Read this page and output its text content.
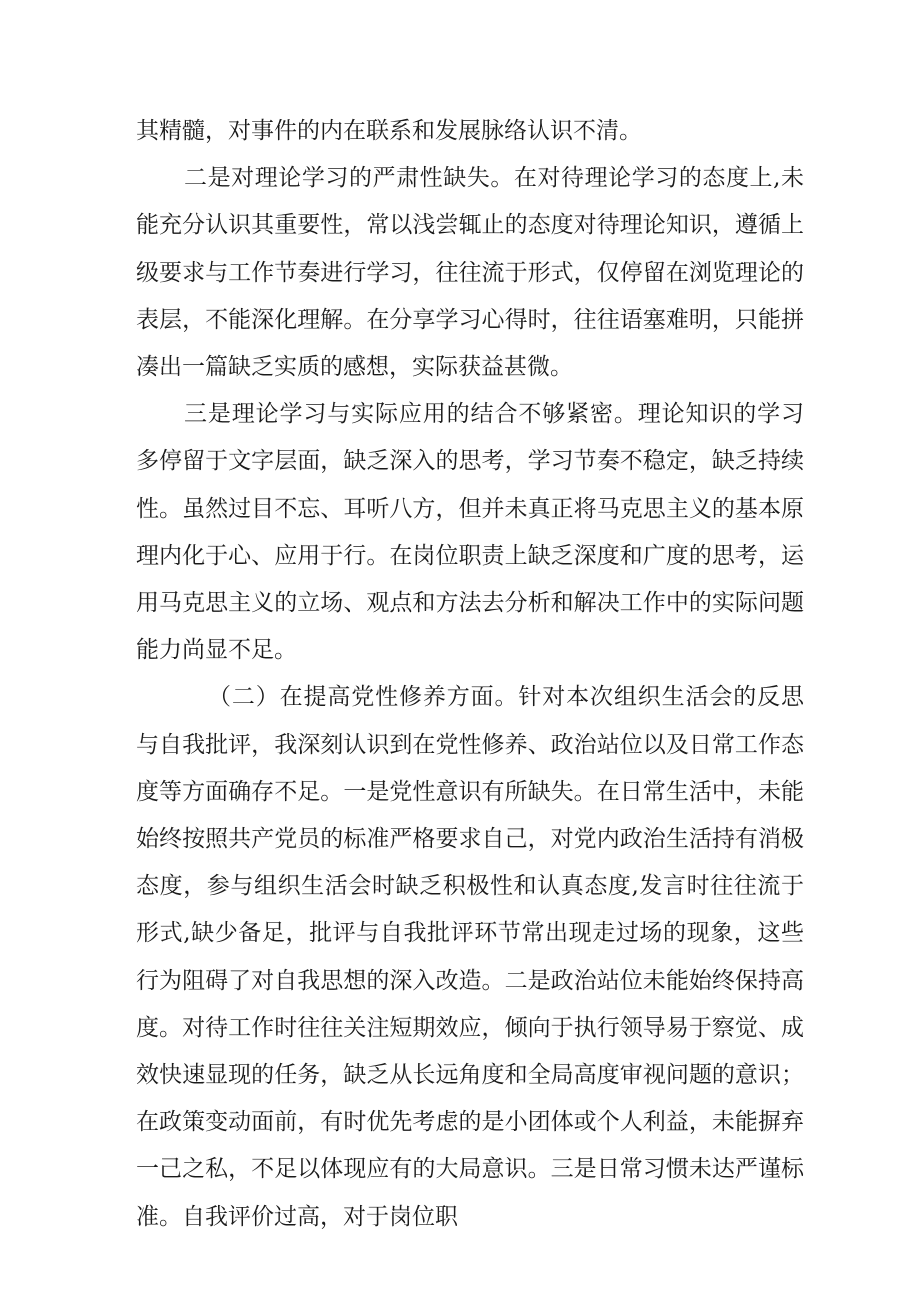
其精髓，对事件的内在联系和发展脉络认识不清。

二是对理论学习的严肃性缺失。在对待理论学习的态度上,未能充分认识其重要性，常以浅尝辄止的态度对待理论知识，遵循上级要求与工作节奏进行学习，往往流于形式，仅停留在浏览理论的表层，不能深化理解。在分享学习心得时，往往语塞难明，只能拼凑出一篇缺乏实质的感想，实际获益甚微。

三是理论学习与实际应用的结合不够紧密。理论知识的学习多停留于文字层面，缺乏深入的思考，学习节奏不稳定，缺乏持续性。虽然过目不忘、耳听八方，但并未真正将马克思主义的基本原理内化于心、应用于行。在岗位职责上缺乏深度和广度的思考，运用马克思主义的立场、观点和方法去分析和解决工作中的实际问题能力尚显不足。

（二）在提高党性修养方面。针对本次组织生活会的反思与自我批评，我深刻认识到在党性修养、政治站位以及日常工作态度等方面确存不足。一是党性意识有所缺失。在日常生活中，未能始终按照共产党员的标准严格要求自己，对党内政治生活持有消极态度，参与组织生活会时缺乏积极性和认真态度,发言时往往流于形式,缺少备足，批评与自我批评环节常出现走过场的现象，这些行为阻碍了对自我思想的深入改造。二是政治站位未能始终保持高度。对待工作时往往关注短期效应，倾向于执行领导易于察觉、成效快速显现的任务，缺乏从长远角度和全局高度审视问题的意识；在政策变动面前，有时优先考虑的是小团体或个人利益，未能摒弃一己之私，不足以体现应有的大局意识。三是日常习惯未达严谨标准。自我评价过高，对于岗位职
